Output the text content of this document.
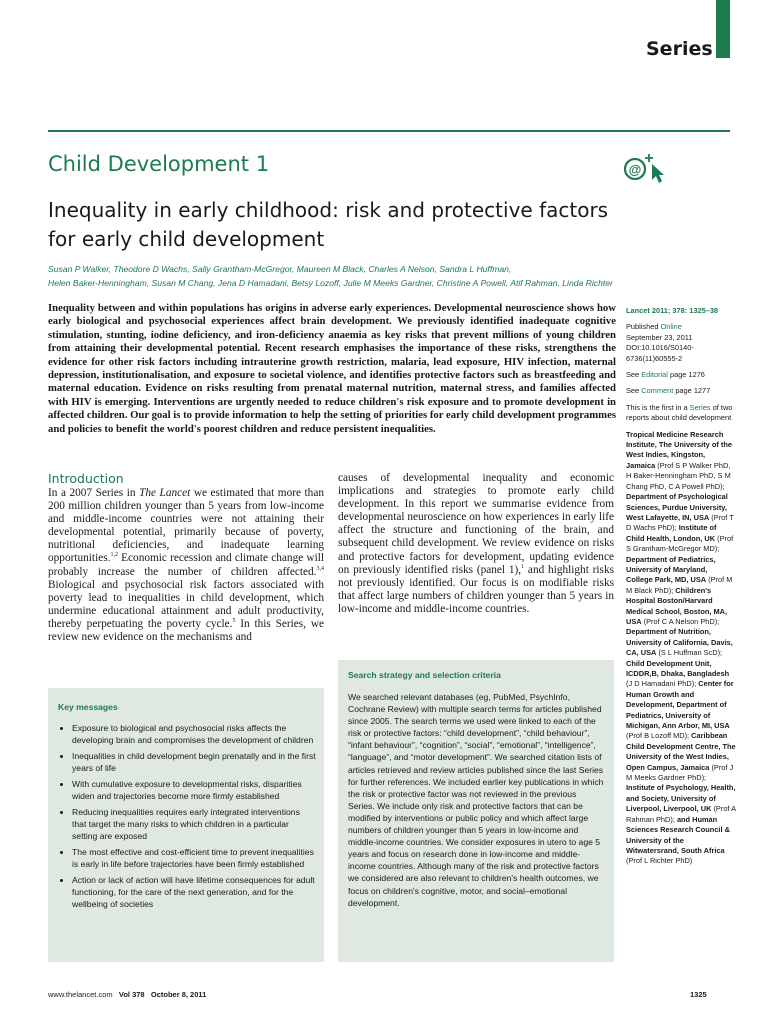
Series
Child Development 1	@
Inequality in early childhood: risk and protective factors for early child development
Susan P Walker, Theodore D Wachs, Sally Grantham-McGregor, Maureen M Black, Charles A Nelson, Sandra L Huffman,
Helen Baker-Henningham, Susan M Chang, Jena D Hamadani, Betsy Lozoff, Julie M Meeks Gardner, Christine A Powell, Atif Rahman, Linda Richter
Inequality between and within populations has origins in adverse early experiences. Developmental neuroscience shows how early biological and psychosocial experiences affect brain development. We previously identified inadequate cognitive stimulation, stunting, iodine deficiency, and iron-deficiency anaemia as key risks that prevent millions of young children from attaining their developmental potential. Recent research emphasises the importance of these risks, strengthens the evidence for other risk factors including intrauterine growth restriction, malaria, lead exposure, HIV infection, maternal depression, institutionalisation, and exposure to societal violence, and identifies protective factors such as breastfeeding and maternal education. Evidence on risks resulting from prenatal maternal nutrition, maternal stress, and families affected with HIV is emerging. Interventions are urgently needed to reduce children's risk exposure and to promote development in affected children. Our goal is to provide information to help the setting of priorities for early child development programmes and policies to benefit the world's poorest children and reduce persistent inequalities.

Lancet 2011; 378: 1325–38

Published Online
September 23, 2011
DOI:10.1016/S0140-6736(11)60555-2

See Editorial page 1276

See Comment page 1277

This is the first in a Series of two reports about child development

Tropical Medicine Research Institute, The University of the West Indies, Kingston, Jamaica (Prof S P Walker PhD, H Baker-Henningham PhD, S M Chang PhD, C A Powell PhD); Department of Psychological Sciences, Purdue University, West Lafayette, IN, USA (Prof T D Wachs PhD); Institute of Child Health, London, UK (Prof S Grantham-McGregor MD); Department of Pediatrics, University of Maryland, College Park, MD, USA (Prof M M Black PhD); Children's Hospital Boston/Harvard Medical School, Boston, MA, USA (Prof C A Nelson PhD); Department of Nutrition, University of California, Davis, CA, USA (S L Huffman ScD); Child Development Unit, ICDDR,B, Dhaka, Bangladesh (J D Hamadani PhD); Center for Human Growth and Development, Department of Pediatrics, University of Michigan, Ann Arbor, MI, USA (Prof B Lozoff MD); Caribbean Child Development Centre, The University of the West Indies, Open Campus, Jamaica (Prof J M Meeks Gardner PhD); Institute of Psychology, Health, and Society, University of Liverpool, Liverpool, UK (Prof A Rahman PhD); and Human Sciences Research Council & University of the Witwatersrand, South Africa (Prof L Richter PhD)

Introduction

In a 2007 Series in The Lancet we estimated that more than 200 million children younger than 5 years from low-income and middle-income countries were not attaining their developmental potential, primarily because of poverty, nutritional deficiencies, and inadequate learning opportunities.$^{1,2}$ Economic recession and climate change will probably increase the number of children affected.$^{3,4}$ Biological and psychosocial risk factors associated with poverty lead to inequalities in child development, which undermine educational attainment and adult productivity, thereby perpetuating the poverty cycle.$^5$ In this Series, we review new evidence on the mechanisms and

causes of developmental inequality and economic implications and strategies to promote early child development. In this report we summarise evidence from developmental neuroscience on how experiences in early life affect the structure and functioning of the brain, and subsequent child development. We review evidence on risks and protective factors for development, updating evidence on previously identified risks (panel 1),$^1$ and highlight risks not previously identified. Our focus is on modifiable risks that affect large numbers of children younger than 5 years in low-income and middle-income countries.

Key messages
• Exposure to biological and psychosocial risks affects the developing brain and compromises the development of children
• Inequalities in child development begin prenatally and in the first years of life
• With cumulative exposure to developmental risks, disparities widen and trajectories become more firmly established
• Reducing inequalities requires early integrated interventions that target the many risks to which children in a particular setting are exposed
• The most effective and cost-efficient time to prevent inequalities is early in life before trajectories have been firmly established
• Action or lack of action will have lifetime consequences for adult functioning, for the care of the next generation, and for the wellbeing of societies
Search strategy and selection criteria
We searched relevant databases (eg, PubMed, PsychInfo, Cochrane Review) with multiple search terms for articles published since 2005. The search terms we used were linked to each of the risk or protective factors: “child development”, “child behaviour”, “infant behaviour”, “cognition”, “social”, “emotional”, “intelligence”, “language”, and “motor development”. We searched citation lists of articles retrieved and review articles published since the last Series for further references. We included earlier key publications in which the risk or protective factor was not reviewed in the previous Series. We include only risk and protective factors that can be modified by interventions or public policy and which affect large numbers of children younger than 5 years in low-income and middle-income countries. We consider exposures in utero to age 5 years and focus on research done in low-income and middle-income countries. Although many of the risk and protective factors we considered are also relevant to children's health outcomes, we focus on children's cognitive, motor, and social–emotional development.
www.thelancet.com Vol 378 October 8, 2011	1325
